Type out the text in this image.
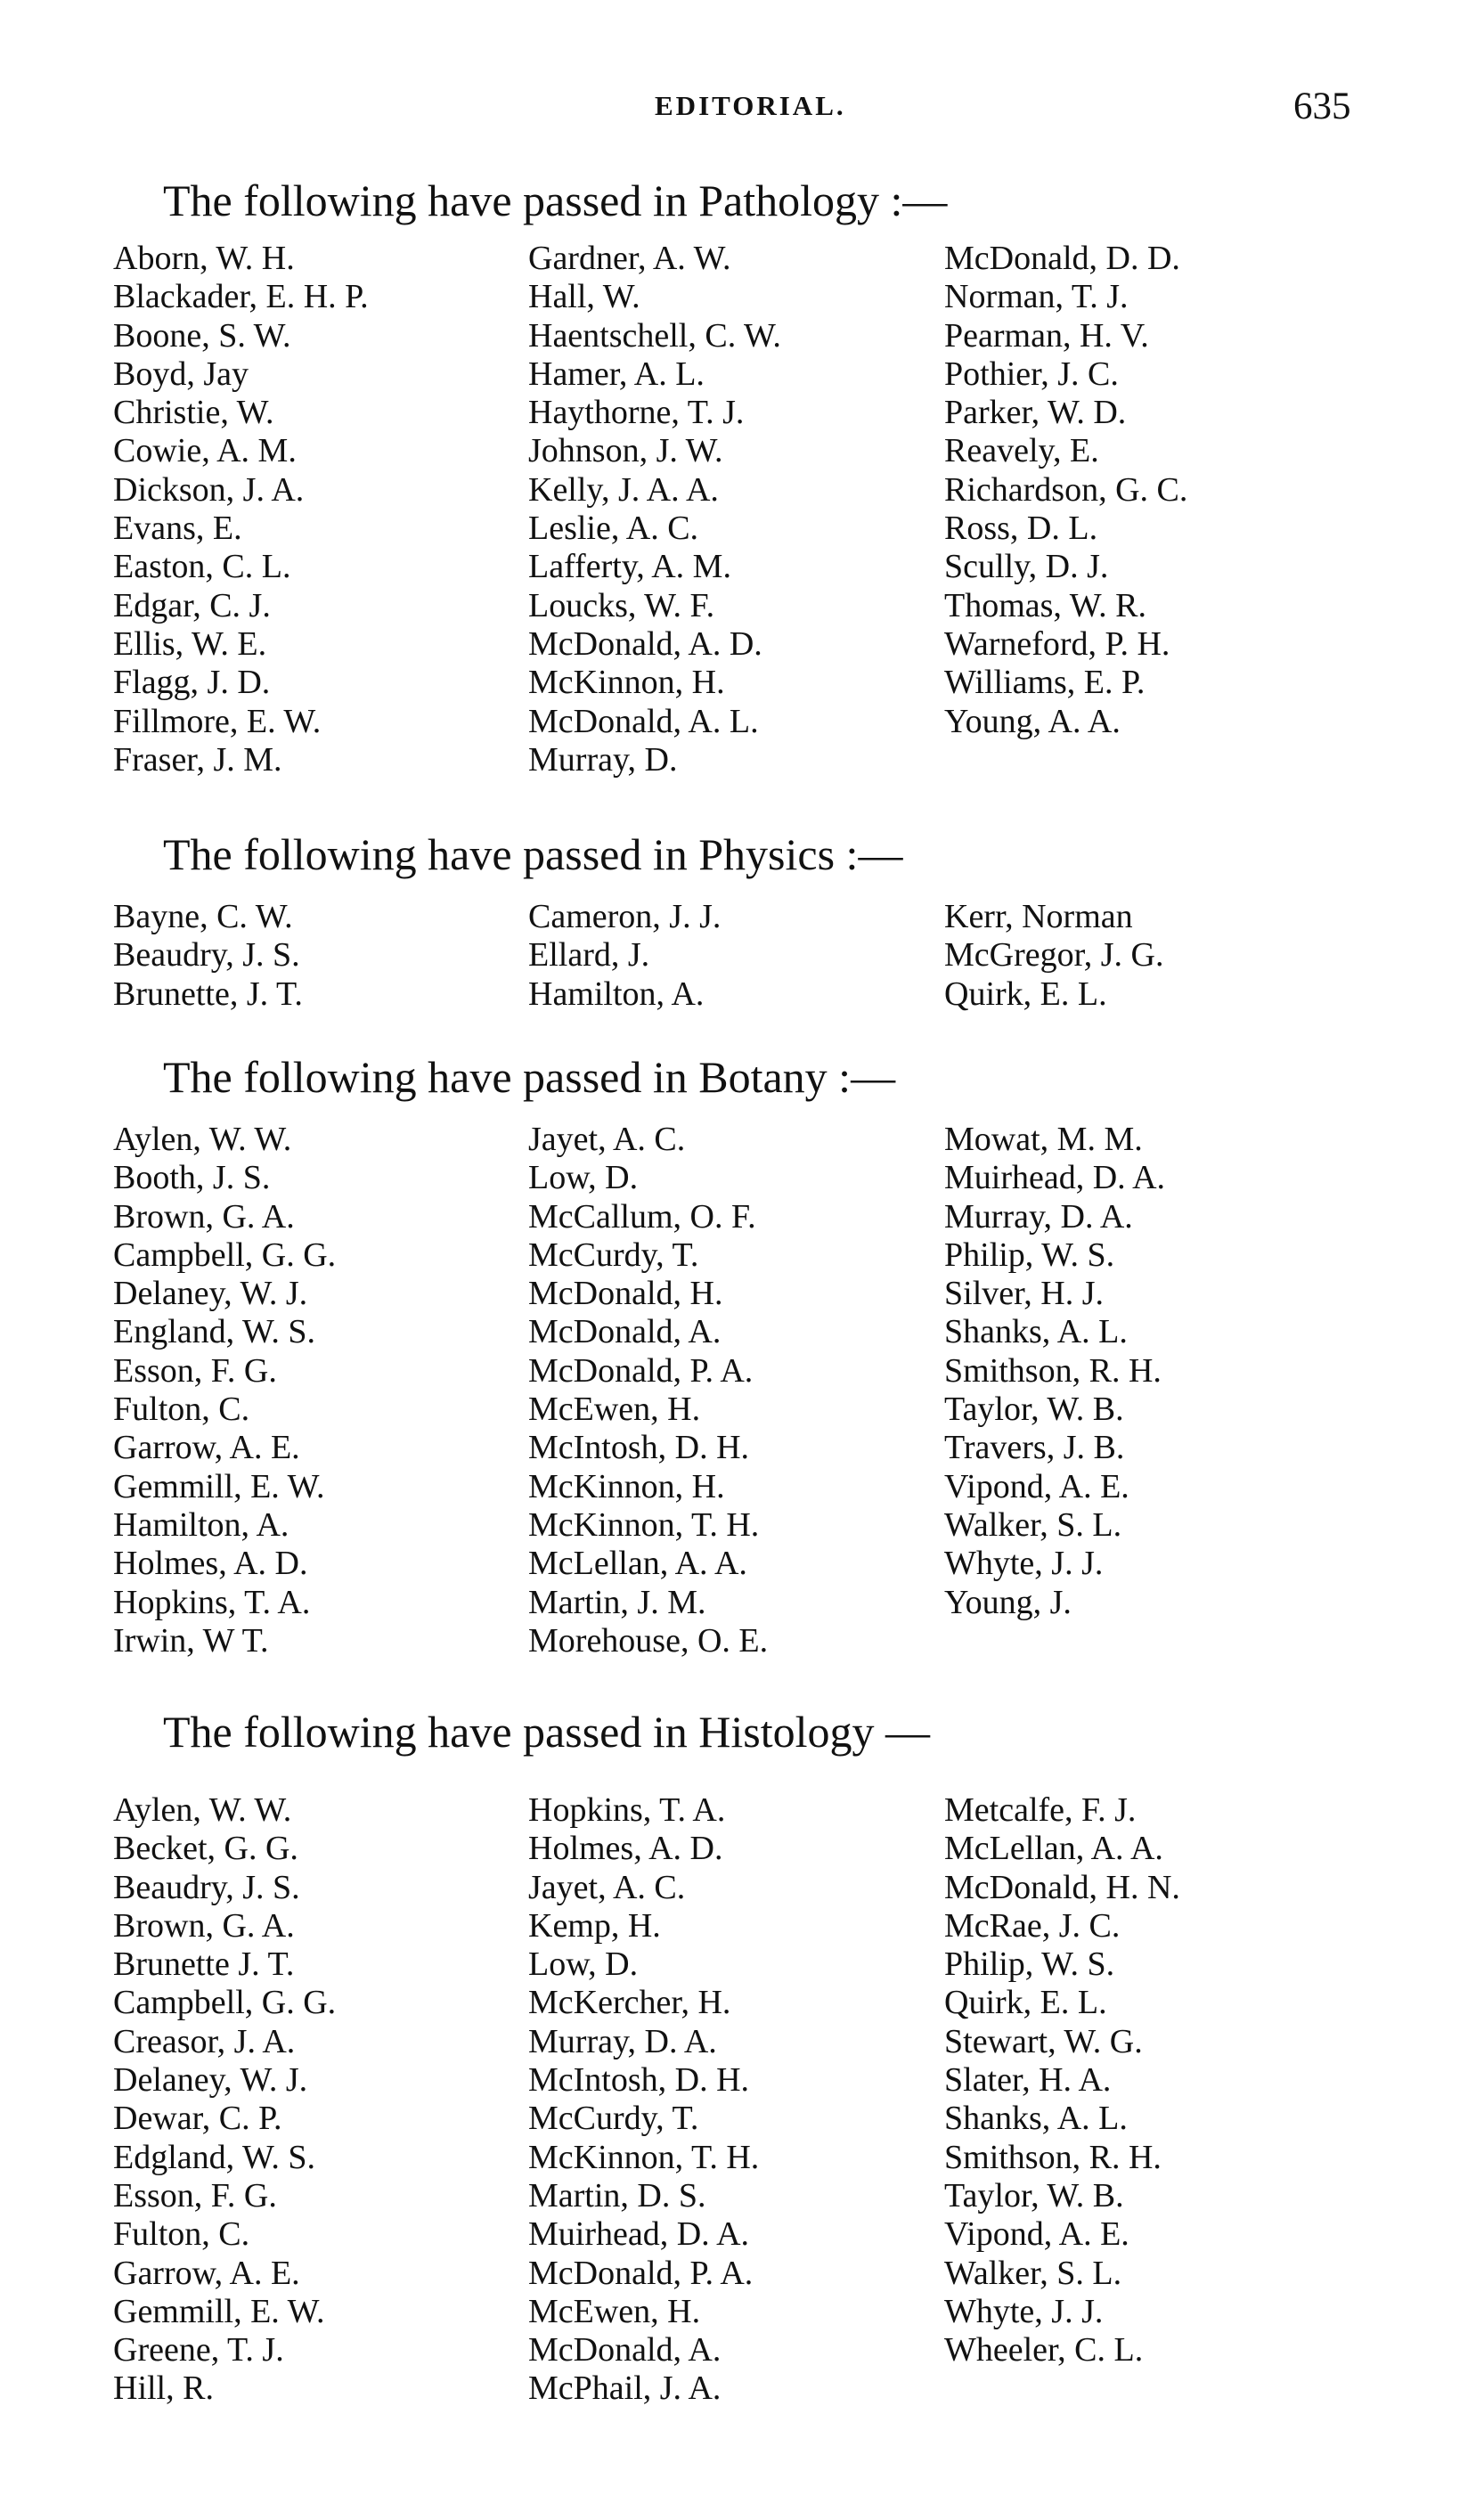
EDITORIAL.	635
The following have passed in Pathology :—
Aborn, W. H.
Blackader, E. H. P.
Boone, S. W.
Boyd, Jay
Christie, W.
Cowie, A. M.
Dickson, J. A.
Evans, E.
Easton, C. L.
Edgar, C. J.
Ellis, W. E.
Flagg, J. D.
Fillmore, E. W.
Fraser, J. M.
Gardner, A. W.
Hall, W.
Haentschell, C. W.
Hamer, A. L.
Haythorne, T. J.
Johnson, J. W.
Kelly, J. A. A.
Leslie, A. C.
Lafferty, A. M.
Loucks, W. F.
McDonald, A. D.
McKinnon, H.
McDonald, A. L.
Murray, D.
McDonald, D. D.
Norman, T. J.
Pearman, H. V.
Pothier, J. C.
Parker, W. D.
Reavely, E.
Richardson, G. C.
Ross, D. L.
Scully, D. J.
Thomas, W. R.
Warneford, P. H.
Williams, E. P.
Young, A. A.
The following have passed in Physics :—
Bayne, C. W.
Beaudry, J. S.
Brunette, J. T.
Cameron, J. J.
Ellard, J.
Hamilton, A.
Kerr, Norman
McGregor, J. G.
Quirk, E. L.
The following have passed in Botany :—
Aylen, W. W.
Booth, J. S.
Brown, G. A.
Campbell, G. G.
Delaney, W. J.
England, W. S.
Esson, F. G.
Fulton, C.
Garrow, A. E.
Gemmill, E. W.
Hamilton, A.
Holmes, A. D.
Hopkins, T. A.
Irwin, W T.
Jayet, A. C.
Low, D.
McCallum, O. F.
McCurdy, T.
McDonald, H.
McDonald, A.
McDonald, P. A.
McEwen, H.
McIntosh, D. H.
McKinnon, H.
McKinnon, T. H.
McLellan, A. A.
Martin, J. M.
Morehouse, O. E.
Mowat, M. M.
Muirhead, D. A.
Murray, D. A.
Philip, W. S.
Silver, H. J.
Shanks, A. L.
Smithson, R. H.
Taylor, W. B.
Travers, J. B.
Vipond, A. E.
Walker, S. L.
Whyte, J. J.
Young, J.
The following have passed in Histology —
Aylen, W. W.
Becket, G. G.
Beaudry, J. S.
Brown, G. A.
Brunette J. T.
Campbell, G. G.
Creasor, J. A.
Delaney, W. J.
Dewar, C. P.
Edgland, W. S.
Esson, F. G.
Fulton, C.
Garrow, A. E.
Gemmill, E. W.
Greene, T. J.
Hill, R.
Hopkins, T. A.
Holmes, A. D.
Jayet, A. C.
Kemp, H.
Low, D.
McKercher, H.
Murray, D. A.
McIntosh, D. H.
McCurdy, T.
McKinnon, T. H.
Martin, D. S.
Muirhead, D. A.
McDonald, P. A.
McEwen, H.
McDonald, A.
McPhail, J. A.
Metcalfe, F. J.
McLellan, A. A.
McDonald, H. N.
McRae, J. C.
Philip, W. S.
Quirk, E. L.
Stewart, W. G.
Slater, H. A.
Shanks, A. L.
Smithson, R. H.
Taylor, W. B.
Vipond, A. E.
Walker, S. L.
Whyte, J. J.
Wheeler, C. L.
